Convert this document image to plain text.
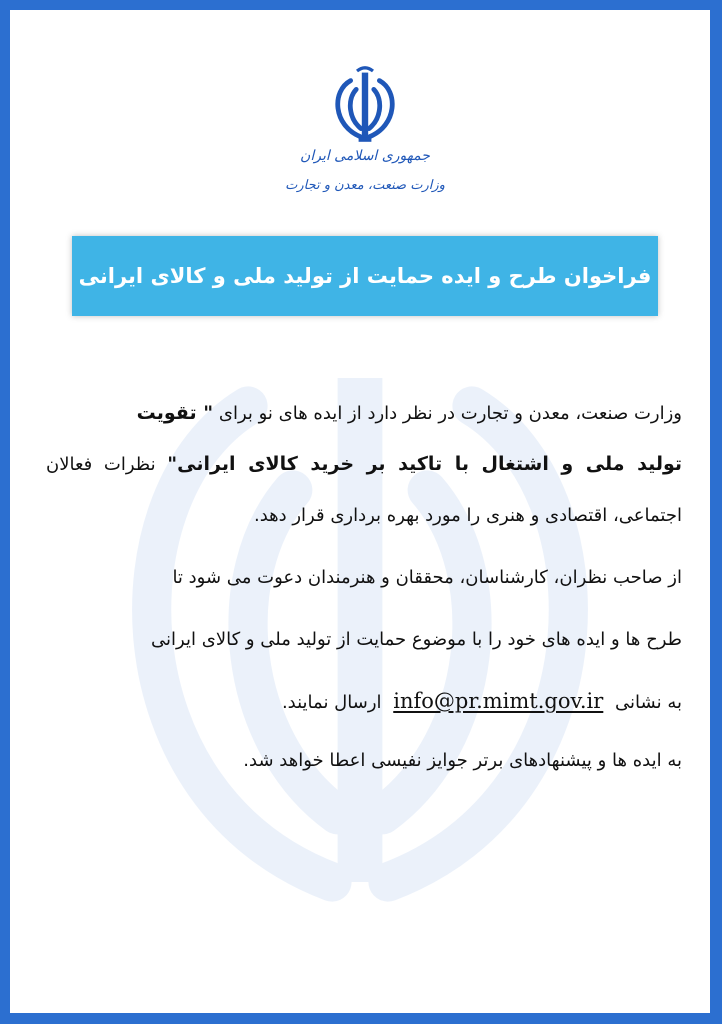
جمهوری اسلامی ایران
وزارت صنعت، معدن و تجارت
فراخوان طرح و ایده حمایت از تولید ملی و کالای ایرانی
وزارت صنعت، معدن و تجارت در نظر دارد از ایده های نو برای " تقویت
تولید ملی و اشتغال با تاکید بر خرید کالای ایرانی" نظرات فعالان
اجتماعی، اقتصادی و هنری را مورد بهره برداری قرار دهد.
از صاحب نظران، کارشناسان، محققان و هنرمندان دعوت می شود تا
طرح ها و ایده های خود را با موضوع حمایت از تولید ملی و کالای ایرانی
به نشانی info@pr.mimt.gov.ir ارسال نمایند.
به ایده ها و پیشنهادهای برتر جوایز نفیسی اعطا خواهد شد.
